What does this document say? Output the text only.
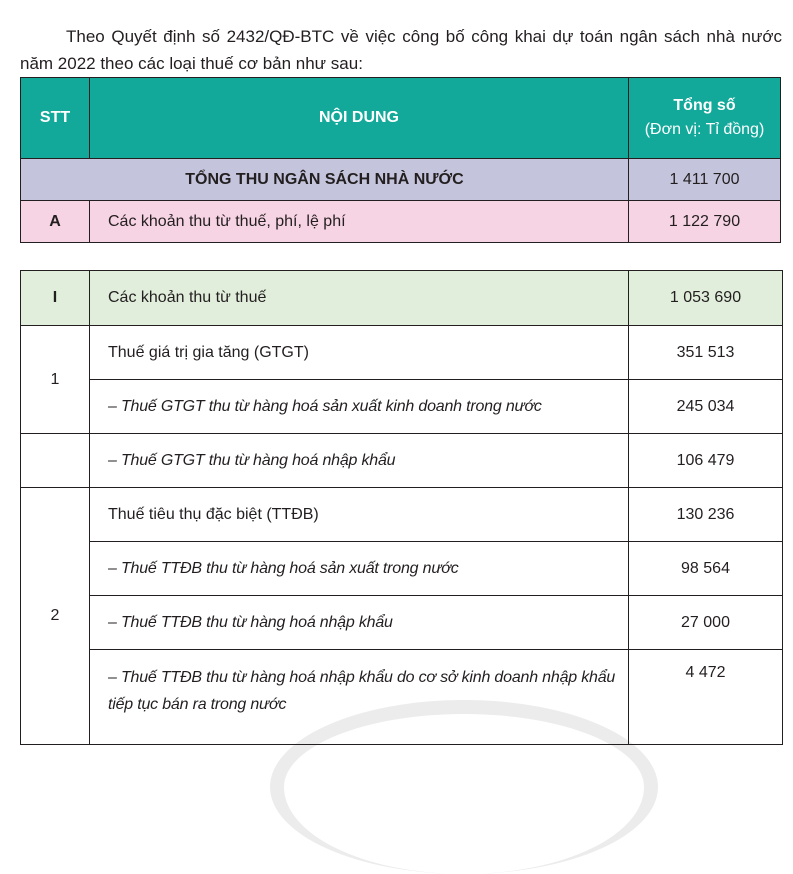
Theo Quyết định số 2432/QĐ-BTC về việc công bố công khai dự toán ngân sách nhà nước năm 2022 theo các loại thuế cơ bản như sau:

STT	NỘI DUNG	Tổng số
(Đơn vị: Tỉ đồng)

TỔNG THU NGÂN SÁCH NHÀ NƯỚC		1 411 700
A	Các khoản thu từ thuế, phí, lệ phí	1 122 790
I	Các khoản thu từ thuế	1 053 690
1	Thuế giá trị gia tăng (GTGT)	351 513
	– Thuế GTGT thu từ hàng hoá sản xuất kinh doanh trong nước	245 034
	– Thuế GTGT thu từ hàng hoá nhập khẩu	106 479
2	Thuế tiêu thụ đặc biệt (TTĐB)	130 236
	– Thuế TTĐB thu từ hàng hoá sản xuất trong nước	98 564
	– Thuế TTĐB thu từ hàng hoá nhập khẩu	27 000
	– Thuế TTĐB thu từ hàng hoá nhập khẩu do cơ sở kinh doanh nhập khẩu tiếp tục bán ra trong nước	4 472
